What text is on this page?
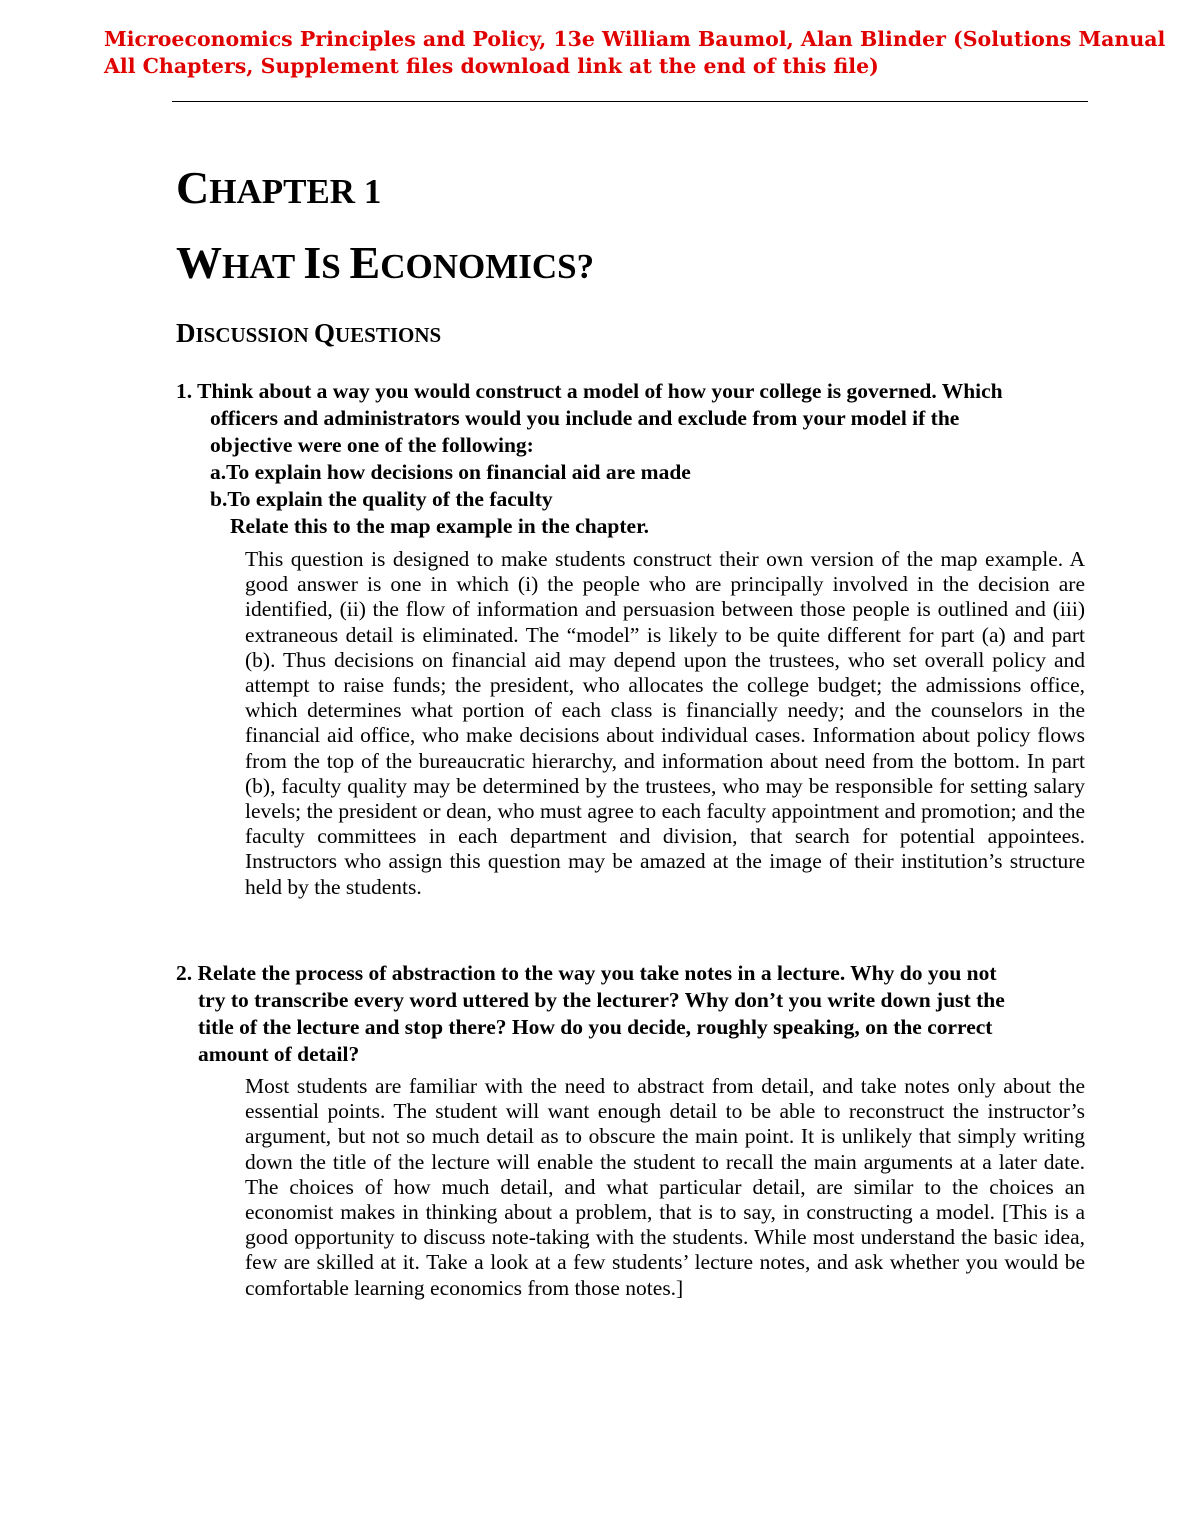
Microeconomics Principles and Policy, 13e William Baumol, Alan Blinder (Solutions Manual
All Chapters, Supplement files download link at the end of this file)
CHAPTER 1
WHAT IS ECONOMICS?
DISCUSSION QUESTIONS
1. Think about a way you would construct a model of how your college is governed. Which
officers and administrators would you include and exclude from your model if the
objective were one of the following:
a.To explain how decisions on financial aid are made
b.To explain the quality of the faculty
Relate this to the map example in the chapter.

This question is designed to make students construct their own version of the map example. A good answer is one in which (i) the people who are principally involved in the decision are identified, (ii) the flow of information and persuasion between those people is outlined and (iii) extraneous detail is eliminated. The “model” is likely to be quite different for part (a) and part (b). Thus decisions on financial aid may depend upon the trustees, who set overall policy and attempt to raise funds; the president, who allocates the college budget; the admissions office, which determines what portion of each class is financially needy; and the counselors in the financial aid office, who make decisions about individual cases. Information about policy flows from the top of the bureaucratic hierarchy, and information about need from the bottom. In part (b), faculty quality may be determined by the trustees, who may be responsible for setting salary levels; the president or dean, who must agree to each faculty appointment and promotion; and the faculty committees in each department and division, that search for potential appointees. Instructors who assign this question may be amazed at the image of their institution’s structure held by the students.

2. Relate the process of abstraction to the way you take notes in a lecture. Why do you not
try to transcribe every word uttered by the lecturer? Why don’t you write down just the
title of the lecture and stop there? How do you decide, roughly speaking, on the correct
amount of detail?

Most students are familiar with the need to abstract from detail, and take notes only about the essential points. The student will want enough detail to be able to reconstruct the instructor’s argument, but not so much detail as to obscure the main point. It is unlikely that simply writing down the title of the lecture will enable the student to recall the main arguments at a later date. The choices of how much detail, and what particular detail, are similar to the choices an economist makes in thinking about a problem, that is to say, in constructing a model. [This is a good opportunity to discuss note-taking with the students. While most understand the basic idea, few are skilled at it. Take a look at a few students’ lecture notes, and ask whether you would be comfortable learning economics from those notes.]
